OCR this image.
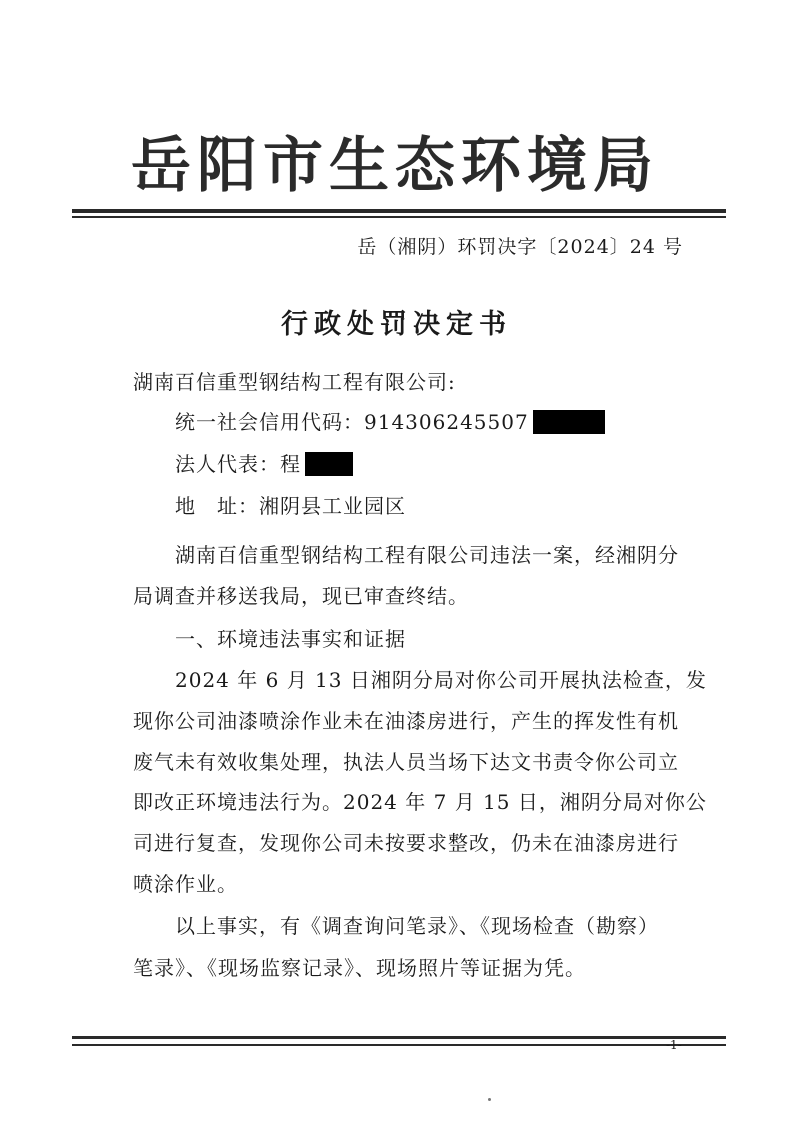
岳阳市生态环境局
岳（湘阴）环罚决字〔2024〕24 号
行政处罚决定书
湖南百信重型钢结构工程有限公司:
统一社会信用代码：914306245507
法人代表：程
地　址：湘阴县工业园区
湖南百信重型钢结构工程有限公司违法一案，经湘阴分
局调查并移送我局，现已审查终结。
一、环境违法事实和证据
2024 年 6 月 13 日湘阴分局对你公司开展执法检查，发
现你公司油漆喷涂作业未在油漆房进行，产生的挥发性有机
废气未有效收集处理，执法人员当场下达文书责令你公司立
即改正环境违法行为。2024 年 7 月 15 日，湘阴分局对你公
司进行复查，发现你公司未按要求整改，仍未在油漆房进行
喷涂作业。
以上事实，有《调查询问笔录》、《现场检查（勘察）
笔录》、《现场监察记录》、现场照片等证据为凭。
-1-
